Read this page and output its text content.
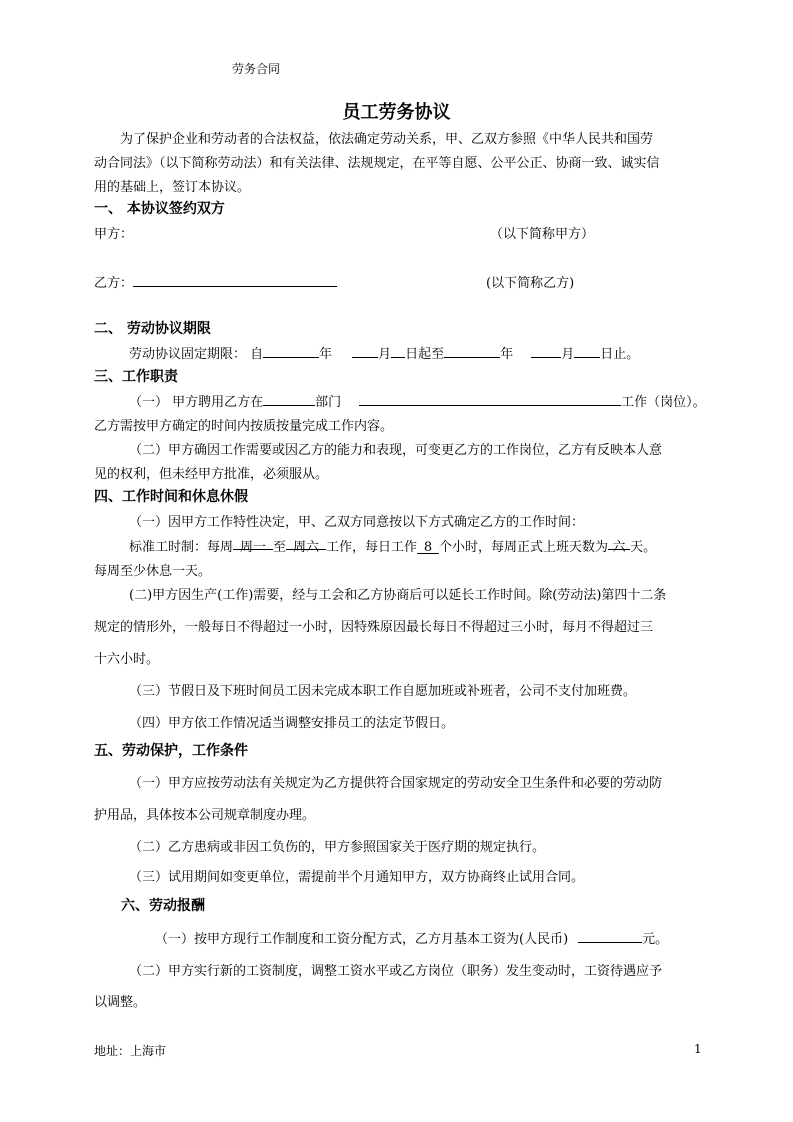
劳务合同
员工劳务协议
为了保护企业和劳动者的合法权益，依法确定劳动关系，甲、乙双方参照《中华人民共和国劳
动合同法》（以下简称劳动法）和有关法律、法规规定，在平等自愿、公平公正、协商一致、诚实信
用的基础上，签订本协议。
一、 本协议签约双方
甲方：	（以下简称甲方）
乙方：	(以下简称乙方)
二、 劳动协议期限
劳动协议固定期限： 自	年	月 日起至	年	月 日止。
三、工作职责
（一） 甲方聘用乙方在	部门	工作（岗位）。
乙方需按甲方确定的时间内按质按量完成工作内容。
（二）甲方确因工作需要或因乙方的能力和表现，可变更乙方的工作岗位，乙方有反映本人意
见的权利，但未经甲方批准，必须服从。
四、工作时间和休息休假
（一）因甲方工作特性决定，甲、乙双方同意按以下方式确定乙方的工作时间：
标准工时制：每周 周一 至 周六 工作，每日工作 8 个小时，每周正式上班天数为 六 天。
每周至少休息一天。
(二)甲方因生产(工作)需要，经与工会和乙方协商后可以延长工作时间。除(劳动法)第四十二条
规定的情形外，一般每日不得超过一小时，因特殊原因最长每日不得超过三小时，每月不得超过三
十六小时。
（三）节假日及下班时间员工因未完成本职工作自愿加班或补班者，公司不支付加班费。
（四）甲方依工作情况适当调整安排员工的法定节假日。
五、劳动保护，工作条件
（一）甲方应按劳动法有关规定为乙方提供符合国家规定的劳动安全卫生条件和必要的劳动防
护用品，具体按本公司规章制度办理。
（二）乙方患病或非因工负伤的，甲方参照国家关于医疗期的规定执行。
（三）试用期间如变更单位，需提前半个月通知甲方，双方协商终止试用合同。
六、劳动报酬
（一）按甲方现行工作制度和工资分配方式，乙方月基本工资为(人民币)	元。
（二）甲方实行新的工资制度，调整工资水平或乙方岗位（职务）发生变动时，工资待遇应予
以调整。
地址：上海市	1
